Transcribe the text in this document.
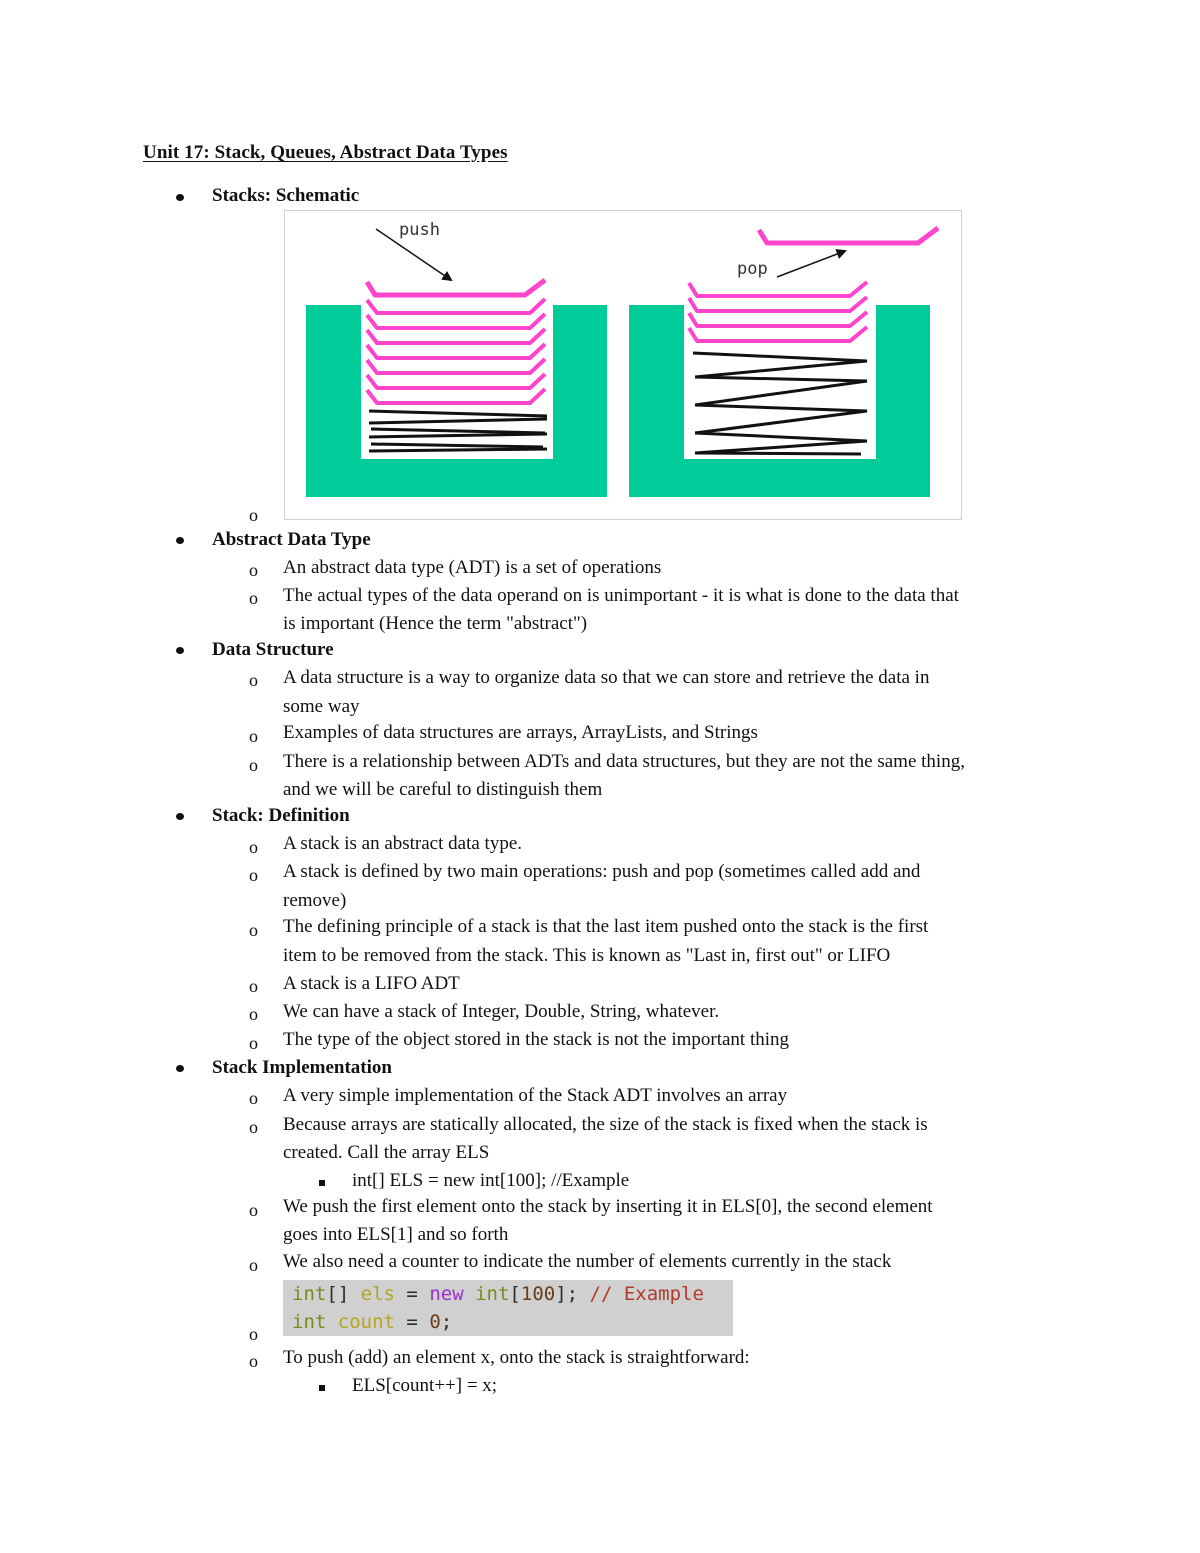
Unit 17: Stack, Queues, Abstract Data Types
Stacks: Schematic
push
pop
o
Abstract Data Type
o An abstract data type (ADT) is a set of operations
o The actual types of the data operand on is unimportant - it is what is done to the data that
is important (Hence the term "abstract")
Data Structure
o A data structure is a way to organize data so that we can store and retrieve the data in
some way
o Examples of data structures are arrays, ArrayLists, and Strings
o There is a relationship between ADTs and data structures, but they are not the same thing,
and we will be careful to distinguish them
Stack: Definition
o A stack is an abstract data type.
o A stack is defined by two main operations: push and pop (sometimes called add and
remove)
o The defining principle of a stack is that the last item pushed onto the stack is the first
item to be removed from the stack. This is known as "Last in, first out" or LIFO
o A stack is a LIFO ADT
o We can have a stack of Integer, Double, String, whatever.
o The type of the object stored in the stack is not the important thing
Stack Implementation
o A very simple implementation of the Stack ADT involves an array
o Because arrays are statically allocated, the size of the stack is fixed when the stack is
created. Call the array ELS
int[] ELS = new int[100]; //Example
o We push the first element onto the stack by inserting it in ELS[0], the second element
goes into ELS[1] and so forth
o We also need a counter to indicate the number of elements currently in the stack
int[] els = new int[100]; // Example
int count = 0;
o
o To push (add) an element x, onto the stack is straightforward:
ELS[count++] = x;
